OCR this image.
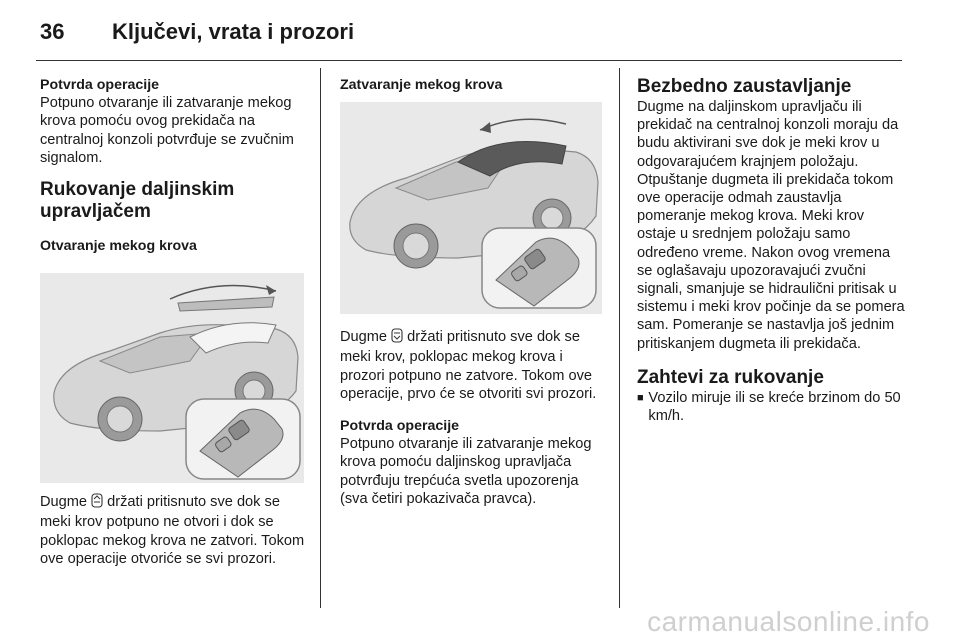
36	Ključevi, vrata i prozori

Potvrda operacije

Potpuno otvaranje ili zatvaranje mekog krova pomoću ovog prekidača na centralnoj konzoli potvrđuje se zvučnim signalom.

Rukovanje daljinskim upravljačem

Otvaranje mekog krova

Dugme  držati pritisnuto sve dok se meki krov potpuno ne otvori i dok se poklopac mekog krova ne zatvori. Tokom ove operacije otvoriće se svi prozori.

Zatvaranje mekog krova

Dugme  držati pritisnuto sve dok se meki krov, poklopac mekog krova i prozori potpuno ne zatvore. Tokom ove operacije, prvo će se otvoriti svi prozori.

Potvrda operacije

Potpuno otvaranje ili zatvaranje mekog krova pomoću daljinskog upravljača potvrđuju trepćuća svetla upozorenja (sva četiri pokazivača pravca).

Bezbedno zaustavljanje

Dugme na daljinskom upravljaču ili prekidač na centralnoj konzoli moraju da budu aktivirani sve dok je meki krov u odgovarajućem krajnjem položaju. Otpuštanje dugmeta ili prekidača tokom ove operacije odmah zaustavlja pomeranje mekog krova. Meki krov ostaje u srednjem položaju samo određeno vreme. Nakon ovog vremena se oglašavaju upozoravajući zvučni signali, smanjuje se hidraulični pritisak u sistemu i meki krov počinje da se pomera sam. Pomeranje se nastavlja još jednim pritiskanjem dugmeta ili prekidača.

Zahtevi za rukovanje

■ Vozilo miruje ili se kreće brzinom do 50 km/h.
carmanualsonline.info
